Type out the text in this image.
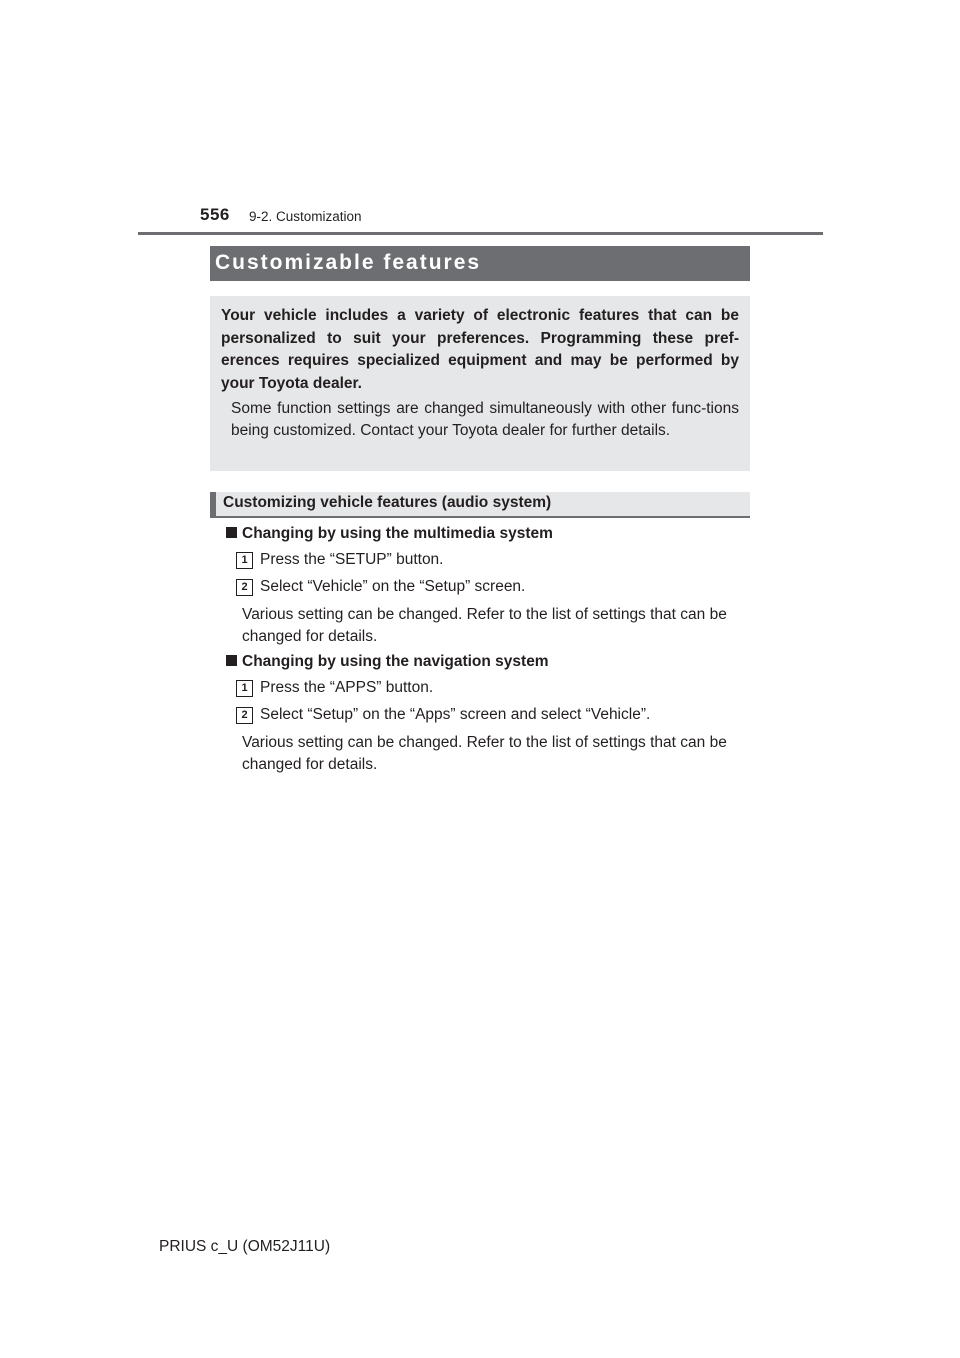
556 9-2. Customization
Customizable features

Your vehicle includes a variety of electronic features that can be personalized to suit your preferences. Programming these pref-erences requires specialized equipment and may be performed by your Toyota dealer.

Some function settings are changed simultaneously with other func-tions being customized. Contact your Toyota dealer for further details.

Customizing vehicle features (audio system)
Changing by using the multimedia system
1 Press the “SETUP” button.
2 Select “Vehicle” on the “Setup” screen.

Various setting can be changed. Refer to the list of settings that can be changed for details.

Changing by using the navigation system
1 Press the “APPS” button.
2 Select “Setup” on the “Apps” screen and select “Vehicle”.

Various setting can be changed. Refer to the list of settings that can be changed for details.

PRIUS c_U (OM52J11U)
